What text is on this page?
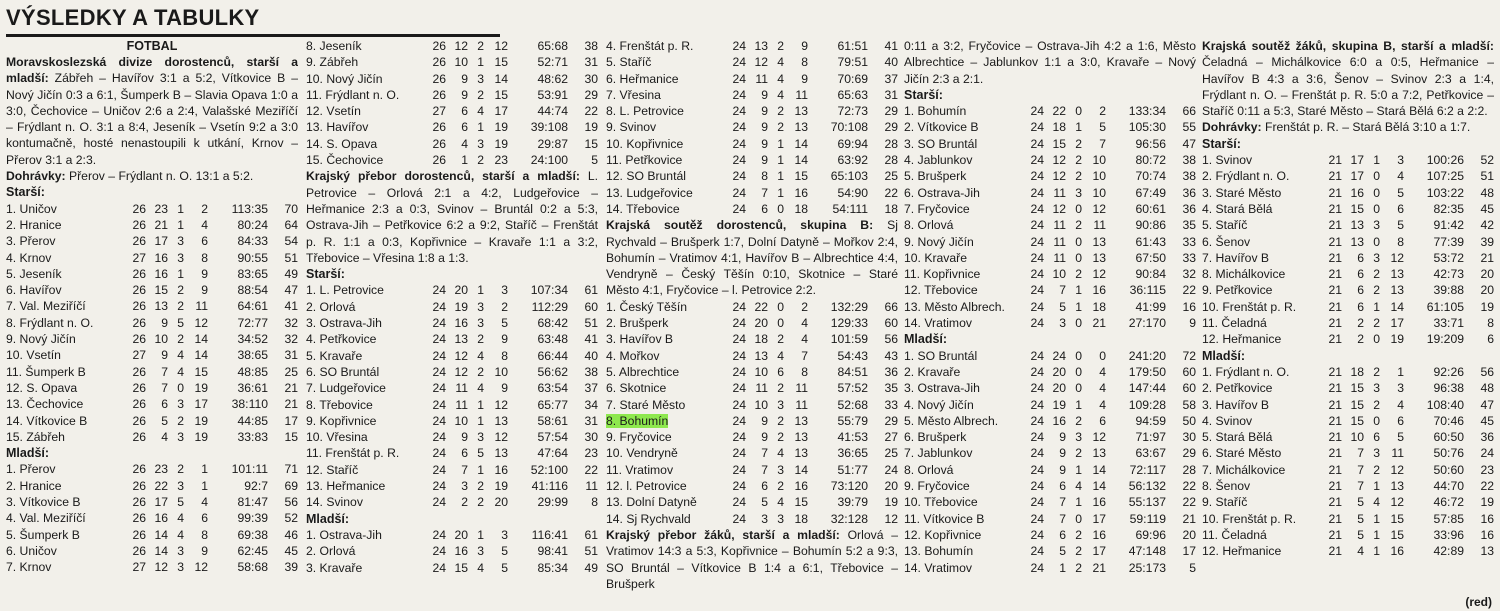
VÝSLEDKY A TABULKY
FOTBAL
Moravskoslezská divize dorostenců, starší a mladší: Zábřeh – Havířov 3:1 a 5:2, Vítkovice B – Nový Jičín 0:3 a 6:1, Šumperk B – Slavia Opava 1:0 a 3:0, Čechovice – Uničov 2:6 a 2:4, Valašské Meziříčí – Frýdlant n. O. 3:1 a 8:4, Jeseník – Vsetín 9:2 a 3:0 kontumačně, hosté nenastoupili k utkání, Krnov – Přerov 3:1 a 2:3.
Dohrávky: Přerov – Frýdlant n. O. 13:1 a 5:2.
Starší:
1. Uničov	26	23	1	2	113:35	70
2. Hranice	26	21	1	4	80:24	64
3. Přerov	26	17	3	6	84:33	54
4. Krnov	27	16	3	8	90:55	51
5. Jeseník	26	16	1	9	83:65	49
6. Havířov	26	15	2	9	88:54	47
7. Val. Meziříčí	26	13	2	11	64:61	41
8. Frýdlant n. O.	26	9	5	12	72:77	32
9. Nový Jičín	26	10	2	14	34:52	32
10. Vsetín	27	9	4	14	38:65	31
11. Šumperk B	26	7	4	15	48:85	25
12. S. Opava	26	7	0	19	36:61	21
13. Čechovice	26	6	3	17	38:110	21
14. Vítkovice B	26	5	2	19	44:85	17
15. Zábřeh	26	4	3	19	33:83	15
Mladší:
1. Přerov	26	23	2	1	101:11	71
2. Hranice	26	22	3	1	92:7	69
3. Vítkovice B	26	17	5	4	81:47	56
4. Val. Meziříčí	26	16	4	6	99:39	52
5. Šumperk B	26	14	4	8	69:38	46
6. Uničov	26	14	3	9	62:45	45
7. Krnov	27	12	3	12	58:68	39
8. Jeseník	26	12	2	12	65:68	38
9. Zábřeh	26	10	1	15	52:71	31
10. Nový Jičín	26	9	3	14	48:62	30
11. Frýdlant n. O.	26	9	2	15	53:91	29
12. Vsetín	27	6	4	17	44:74	22
13. Havířov	26	6	1	19	39:108	19
14. S. Opava	26	4	3	19	29:87	15
15. Čechovice	26	1	2	23	24:100	5
Krajský přebor dorostenců, starší a mladší: L. Petrovice – Orlová 2:1 a 4:2, Ludgeřovice – Heřmanice 2:3 a 0:3, Svinov – Bruntál 0:2 a 5:3, Ostrava-Jih – Petřkovice 6:2 a 9:2, Staříč – Frenštát p. R. 1:1 a 0:3, Kopřivnice – Kravaře 1:1 a 3:2, Třebovice – Vřesina 1:8 a 1:3.
Starší:
1. L. Petrovice	24	20	1	3	107:34	61
2. Orlová	24	19	3	2	112:29	60
3. Ostrava-Jih	24	16	3	5	68:42	51
4. Petřkovice	24	13	2	9	63:48	41
5. Kravaře	24	12	4	8	66:44	40
6. SO Bruntál	24	12	2	10	56:62	38
7. Ludgeřovice	24	11	4	9	63:54	37
8. Třebovice	24	11	1	12	65:77	34
9. Kopřivnice	24	10	1	13	58:61	31
10. Vřesina	24	9	3	12	57:54	30
11. Frenštát p. R.	24	6	5	13	47:64	23
12. Staříč	24	7	1	16	52:100	22
13. Heřmanice	24	3	2	19	41:116	11
14. Svinov	24	2	2	20	29:99	8
Mladší:
1. Ostrava-Jih	24	20	1	3	116:41	61
2. Orlová	24	16	3	5	98:41	51
3. Kravaře	24	15	4	5	85:34	49
4. Frenštát p. R.	24	13	2	9	61:51	41
5. Staříč	24	12	4	8	79:51	40
6. Heřmanice	24	11	4	9	70:69	37
7. Vřesina	24	9	4	11	65:63	31
8. L. Petrovice	24	9	2	13	72:73	29
9. Svinov	24	9	2	13	70:108	29
10. Kopřivnice	24	9	1	14	69:94	28
11. Petřkovice	24	9	1	14	63:92	28
12. SO Bruntál	24	8	1	15	65:103	25
13. Ludgeřovice	24	7	1	16	54:90	22
14. Třebovice	24	6	0	18	54:111	18
Krajská soutěž dorostenců, skupina B: Sj Rychvald – Brušperk 1:7, Dolní Datyně – Mořkov 2:4, Bohumín – Vratimov 4:1, Havířov B – Albrechtice 4:4, Vendryně – Český Těšín 0:10, Skotnice – Staré Město 4:1, Fryčovice – l. Petrovice 2:2.
1. Český Těšín	24	22	0	2	132:29	66
2. Brušperk	24	20	0	4	129:33	60
3. Havířov B	24	18	2	4	101:59	56
4. Mořkov	24	13	4	7	54:43	43
5. Albrechtice	24	10	6	8	84:51	36
6. Skotnice	24	11	2	11	57:52	35
7. Staré Město	24	10	3	11	52:68	33
8. Bohumín	24	9	2	13	55:79	29
9. Fryčovice	24	9	2	13	41:53	27
10. Vendryně	24	7	4	13	36:65	25
11. Vratimov	24	7	3	14	51:77	24
12. l. Petrovice	24	6	2	16	73:120	20
13. Dolní Datyně	24	5	4	15	39:79	19
14. Sj Rychvald	24	3	3	18	32:128	12
Krajský přebor žáků, starší a mladší: Orlová – Vratimov 14:3 a 5:3, Kopřivnice – Bohumín 5:2 a 9:3, SO Bruntál – Vítkovice B 1:4 a 6:1, Třebovice – Brušperk
0:11 a 3:2, Fryčovice – Ostrava-Jih 4:2 a 1:6, Město Albrechtice – Jablunkov 1:1 a 3:0, Kravaře – Nový Jičín 2:3 a 2:1.
Starší:
1. Bohumín	24	22	0	2	133:34	66
2. Vítkovice B	24	18	1	5	105:30	55
3. SO Bruntál	24	15	2	7	96:56	47
4. Jablunkov	24	12	2	10	80:72	38
5. Brušperk	24	12	2	10	70:74	38
6. Ostrava-Jih	24	11	3	10	67:49	36
7. Fryčovice	24	12	0	12	60:61	36
8. Orlová	24	11	2	11	90:86	35
9. Nový Jičín	24	11	0	13	61:43	33
10. Kravaře	24	11	0	13	67:50	33
11. Kopřivnice	24	10	2	12	90:84	32
12. Třebovice	24	7	1	16	36:115	22
13. Město Albrech.	24	5	1	18	41:99	16
14. Vratimov	24	3	0	21	27:170	9
Mladší:
1. SO Bruntál	24	24	0	0	241:20	72
2. Kravaře	24	20	0	4	179:50	60
3. Ostrava-Jih	24	20	0	4	147:44	60
4. Nový Jičín	24	19	1	4	109:28	58
5. Město Albrech.	24	16	2	6	94:59	50
6. Brušperk	24	9	3	12	71:97	30
7. Jablunkov	24	9	2	13	63:67	29
8. Orlová	24	9	1	14	72:117	28
9. Fryčovice	24	6	4	14	56:132	22
10. Třebovice	24	7	1	16	55:137	22
11. Vítkovice B	24	7	0	17	59:119	21
12. Kopřivnice	24	6	2	16	69:96	20
13. Bohumín	24	5	2	17	47:148	17
14. Vratimov	24	1	2	21	25:173	5
Krajská soutěž žáků, skupina B, starší a mladší: Čeladná – Michálkovice 6:0 a 0:5, Heřmanice – Havířov B 4:3 a 3:6, Šenov – Svinov 2:3 a 1:4, Frýdlant n. O. – Frenštát p. R. 5:0 a 7:2, Petřkovice – Staříč 0:11 a 5:3, Staré Město – Stará Bělá 6:2 a 2:2.
Dohrávky: Frenštát p. R. – Stará Bělá 3:10 a 1:7.
Starší:
1. Svinov	21	17	1	3	100:26	52
2. Frýdlant n. O.	21	17	0	4	107:25	51
3. Staré Město	21	16	0	5	103:22	48
4. Stará Bělá	21	15	0	6	82:35	45
5. Staříč	21	13	3	5	91:42	42
6. Šenov	21	13	0	8	77:39	39
7. Havířov B	21	6	3	12	53:72	21
8. Michálkovice	21	6	2	13	42:73	20
9. Petřkovice	21	6	2	13	39:88	20
10. Frenštát p. R.	21	6	1	14	61:105	19
11. Čeladná	21	2	2	17	33:71	8
12. Heřmanice	21	2	0	19	19:209	6
Mladší:
1. Frýdlant n. O.	21	18	2	1	92:26	56
2. Petřkovice	21	15	3	3	96:38	48
3. Havířov B	21	15	2	4	108:40	47
4. Svinov	21	15	0	6	70:46	45
5. Stará Bělá	21	10	6	5	60:50	36
6. Staré Město	21	7	3	11	50:76	24
7. Michálkovice	21	7	2	12	50:60	23
8. Šenov	21	7	1	13	44:70	22
9. Staříč	21	5	4	12	46:72	19
10. Frenštát p. R.	21	5	1	15	57:85	16
11. Čeladná	21	5	1	15	33:96	16
12. Heřmanice	21	4	1	16	42:89	13
(red)
